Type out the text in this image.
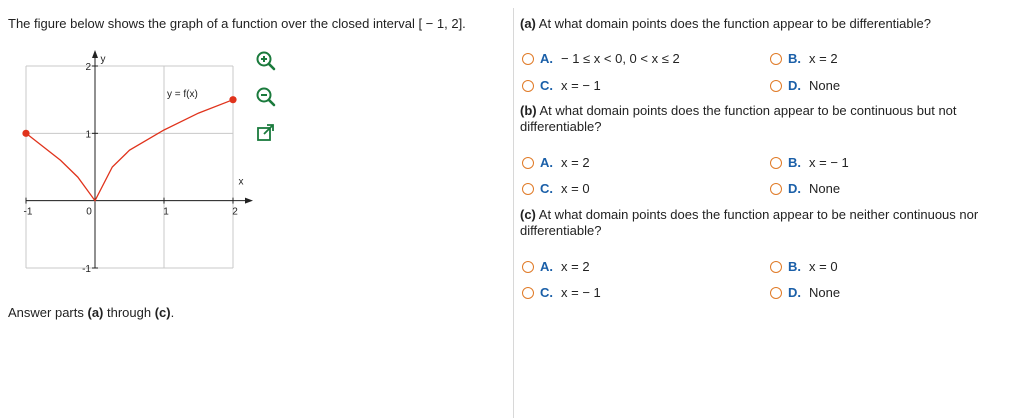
The figure below shows the graph of a function over the closed interval [ − 1, 2].
-1	0	1	2
2
1
-1
y
x
y = f(x)
Answer parts (a) through (c).
(a) At what domain points does the function appear to be differentiable?
A. − 1 ≤ x < 0, 0 < x ≤ 2	B. x = 2
C. x = − 1	D. None
(b) At what domain points does the function appear to be continuous but not differentiable?
A. x = 2	B. x = − 1
C. x = 0	D. None
(c) At what domain points does the function appear to be neither continuous nor differentiable?
A. x = 2	B. x = 0
C. x = − 1	D. None
